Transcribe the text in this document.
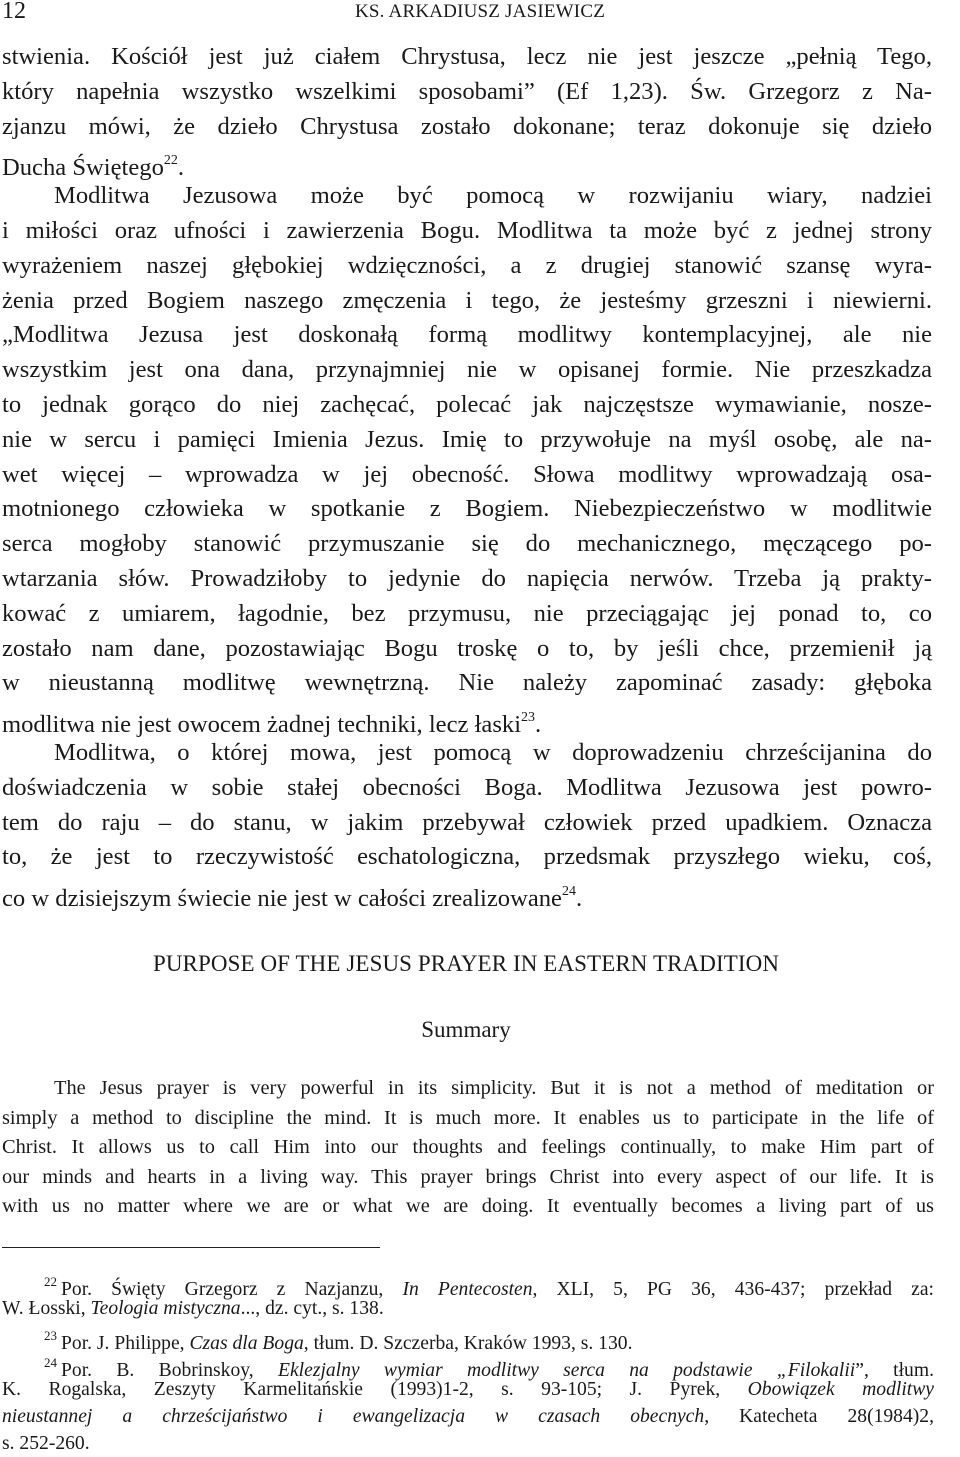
12	KS. ARKADIUSZ JASIEWICZ
stwienia. Kościół jest już ciałem Chrystusa, lecz nie jest jeszcze „pełnią Tego,
który napełnia wszystko wszelkimi sposobami” (Ef 1,23). Św. Grzegorz z Na-
zjanzu mówi, że dzieło Chrystusa zostało dokonane; teraz dokonuje się dzieło
Ducha Świętego$^{22}$.
Modlitwa Jezusowa może być pomocą w rozwijaniu wiary, nadziei
i miłości oraz ufności i zawierzenia Bogu. Modlitwa ta może być z jednej strony
wyrażeniem naszej głębokiej wdzięczności, a z drugiej stanowić szansę wyra-
żenia przed Bogiem naszego zmęczenia i tego, że jesteśmy grzeszni i niewierni.
„Modlitwa Jezusa jest doskonałą formą modlitwy kontemplacyjnej, ale nie
wszystkim jest ona dana, przynajmniej nie w opisanej formie. Nie przeszkadza
to jednak gorąco do niej zachęcać, polecać jak najczęstsze wymawianie, nosze-
nie w sercu i pamięci Imienia Jezus. Imię to przywołuje na myśl osobę, ale na-
wet więcej – wprowadza w jej obecność. Słowa modlitwy wprowadzają osa-
motnionego człowieka w spotkanie z Bogiem. Niebezpieczeństwo w modlitwie
serca mogłoby stanowić przymuszanie się do mechanicznego, męczącego po-
wtarzania słów. Prowadziłoby to jedynie do napięcia nerwów. Trzeba ją prakty-
kować z umiarem, łagodnie, bez przymusu, nie przeciągając jej ponad to, co
zostało nam dane, pozostawiając Bogu troskę o to, by jeśli chce, przemienił ją
w nieustanną modlitwę wewnętrzną. Nie należy zapominać zasady: głęboka
modlitwa nie jest owocem żadnej techniki, lecz łaski$^{23}$.
Modlitwa, o której mowa, jest pomocą w doprowadzeniu chrześcijanina do
doświadczenia w sobie stałej obecności Boga. Modlitwa Jezusowa jest powro-
tem do raju – do stanu, w jakim przebywał człowiek przed upadkiem. Oznacza
to, że jest to rzeczywistość eschatologiczna, przedsmak przyszłego wieku, coś,
co w dzisiejszym świecie nie jest w całości zrealizowane$^{24}$.
PURPOSE OF THE JESUS PRAYER IN EASTERN TRADITION
Summary
The Jesus prayer is very powerful in its simplicity. But it is not a method of meditation or
simply a method to discipline the mind. It is much more. It enables us to participate in the life of
Christ. It allows us to call Him into our thoughts and feelings continually, to make Him part of
our minds and hearts in a living way. This prayer brings Christ into every aspect of our life. It is
with us no matter where we are or what we are doing. It eventually becomes a living part of us
$^{22}$ Por. Święty Grzegorz z Nazjanzu, In Pentecosten, XLI, 5, PG 36, 436-437; przekład za:
W. Łosski, Teologia mistyczna..., dz. cyt., s. 138.
$^{23}$ Por. J. Philippe, Czas dla Boga, tłum. D. Szczerba, Kraków 1993, s. 130.
$^{24}$ Por. B. Bobrinskoy, Eklezjalny wymiar modlitwy serca na podstawie „Filokalii”, tłum.
K. Rogalska, Zeszyty Karmelitańskie (1993)1-2, s. 93-105; J. Pyrek, Obowiązek modlitwy
nieustannej a chrześcijaństwo i ewangelizacja w czasach obecnych, Katecheta 28(1984)2,
s. 252-260.
